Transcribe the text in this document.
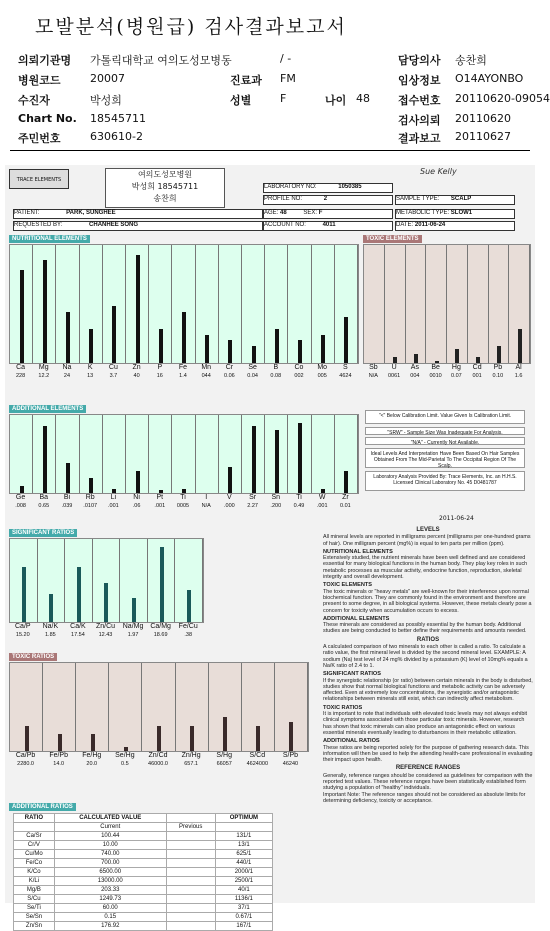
모발분석(병원급) 검사결과보고서
의뢰기관명 가톨릭대학교 여의도성모병동	/ -	담당의사 송찬희
병원코드	20007	진료과 FM	임상정보 O14AYONBO
수진자	박성희	성별	F	나이 48	접수번호 20110620-09054
Chart No. 18545711	검사의뢰 20110620
주민번호	630610-2	결과보고 20110627
TRACE ELEMENTS
여의도성모병원
박성희 18545711
송찬희
Sue Kelly
LABORATORY NO:	1050385
PROFILE NO:	2	SAMPLE TYPE: SCALP
PATIENT:	PARK, SUNGHEE	AGE: 48	SEX: F	METABOLIC TYPE: SLOW1
REQUESTED BY:	CHANHEE SONG	ACCOUNT NO:	4011	DATE: 2011-06-24
NUTRITIONAL ELEMENTS	TOXIC ELEMENTS
ADDITIONAL ELEMENTS
"<" Below Calibration Limit. Value Given Is Calibration Limit.
"SRW" - Sample Size Was Inadequate For Analysis.
"N/A" - Currently Not Available.
Ideal Levels And Interpretation Have Been Based On Hair Samples Obtained From The Mid-Parietal To The Occipital Region Of The Scalp.
Laboratory Analysis Provided By: Trace Elements, Inc. an H.H.S. Licensed Clinical Laboratory No. 45 D0481787
2011-06-24
SIGNIFICANT RATIOS
TOXIC RATIOS
ADDITIONAL RATIOS
RATIO	CALCULATED VALUE		OPTIMUM
	Current	Previous	
Ca/Sr	100.44		131/1
Cr/V	10.00		13/1
Cu/Mo	740.00		625/1
Fe/Co	700.00		440/1
K/Co	6500.00		2000/1
K/Li	13000.00		2500/1
Mg/B	203.33		40/1
S/Cu	1249.73		1136/1
Se/Ti	60.00		37/1
Se/Sn	0.15		0.67/1
Zn/Sn	176.92		167/1
LEVELS

All mineral levels are reported in milligrams percent (milligrams per one-hundred grams of hair). One milligram percent (mg%) is equal to ten parts per million (ppm).

NUTRITIONAL ELEMENTS

Extensively studied, the nutrient minerals have been well defined and are considered essential for many biological functions in the human body. They play key roles in such metabolic processes as muscular activity, endocrine function, reproduction, skeletal integrity and overall development.

TOXIC ELEMENTS

The toxic minerals or "heavy metals" are well-known for their interference upon normal biochemical function. They are commonly found in the environment and therefore are present to some degree, in all biological systems. However, these metals clearly pose a concern for toxicity when accumulation occurs to excess.

ADDITIONAL ELEMENTS

These minerals are considered as possibly essential by the human body. Additional studies are being conducted to better define their requirements and amounts needed.

RATIOS

A calculated comparison of two minerals to each other is called a ratio. To calculate a ratio value, the first mineral level is divided by the second mineral level. EXAMPLE: A sodium (Na) test level of 24 mg% divided by a potassium (K) level of 10mg% equals a Na/K ratio of 2.4 to 1.

SIGNIFICANT RATIOS

If the synergistic relationship (or ratio) between certain minerals in the body is disturbed, studies show that normal biological functions and metabolic activity can be adversely affected. Even at extremely low concentrations, the synergistic and/or antagonistic relationships between minerals still exist, which can indirectly affect metabolism.

TOXIC RATIOS

It is important to note that individuals with elevated toxic levels may not always exhibit clinical symptoms associated with those particular toxic minerals. However, research has shown that toxic minerals can also produce an antagonistic effect on various essential minerals eventually leading to disturbances in their metabolic utilization.

ADDITIONAL RATIOS

These ratios are being reported solely for the purpose of gathering research data. This information will then be used to help the attending health-care professional in evaluating their impact upon health.

REFERENCE RANGES

Generally, reference ranges should be considered as guidelines for comparison with the reported test values. These reference ranges have been statistically established form studying a population of "healthy" individuals.

Important Note: The reference ranges should not be considered as absolute limits for determining deficiency, toxicity or acceptance.

Ca
228
Mg
12.2
Na
24
K
13
Cu
3.7
Zn
40
P
16
Fe
1.4
Mn
044
Cr
0.06
Se
0.04
B
0.08
Co
002
Mo
005
S
4624
Sb
N/A
U
0061
As
004
Be
0010
Hg
0.07
Cd
001
Pb
0.10
Al
1.6
Ge
.008
Ba
0.65
Bi
.039
Rb
.0107
Li
.001
Ni
.06
Pt
.001
Ti
0005
I
N/A
V
.000
Sr
2.27
Sn
.200
Ti
0.49
W
.001
Zr
0.01
Ca/P
15.20
Na/K
1.85
Ca/K
17.54
Zn/Cu
12.43
Na/Mg
1.97
Ca/Mg
18.69
Fe/Cu
.38
Ca/Pb
2280.0
Fe/Pb
14.0
Fe/Hg
20.0
Se/Hg
0.5
Zn/Cd
46000.0
Zn/Hg
657.1
S/Hg
66057
S/Cd
4624000
S/Pb
46240
